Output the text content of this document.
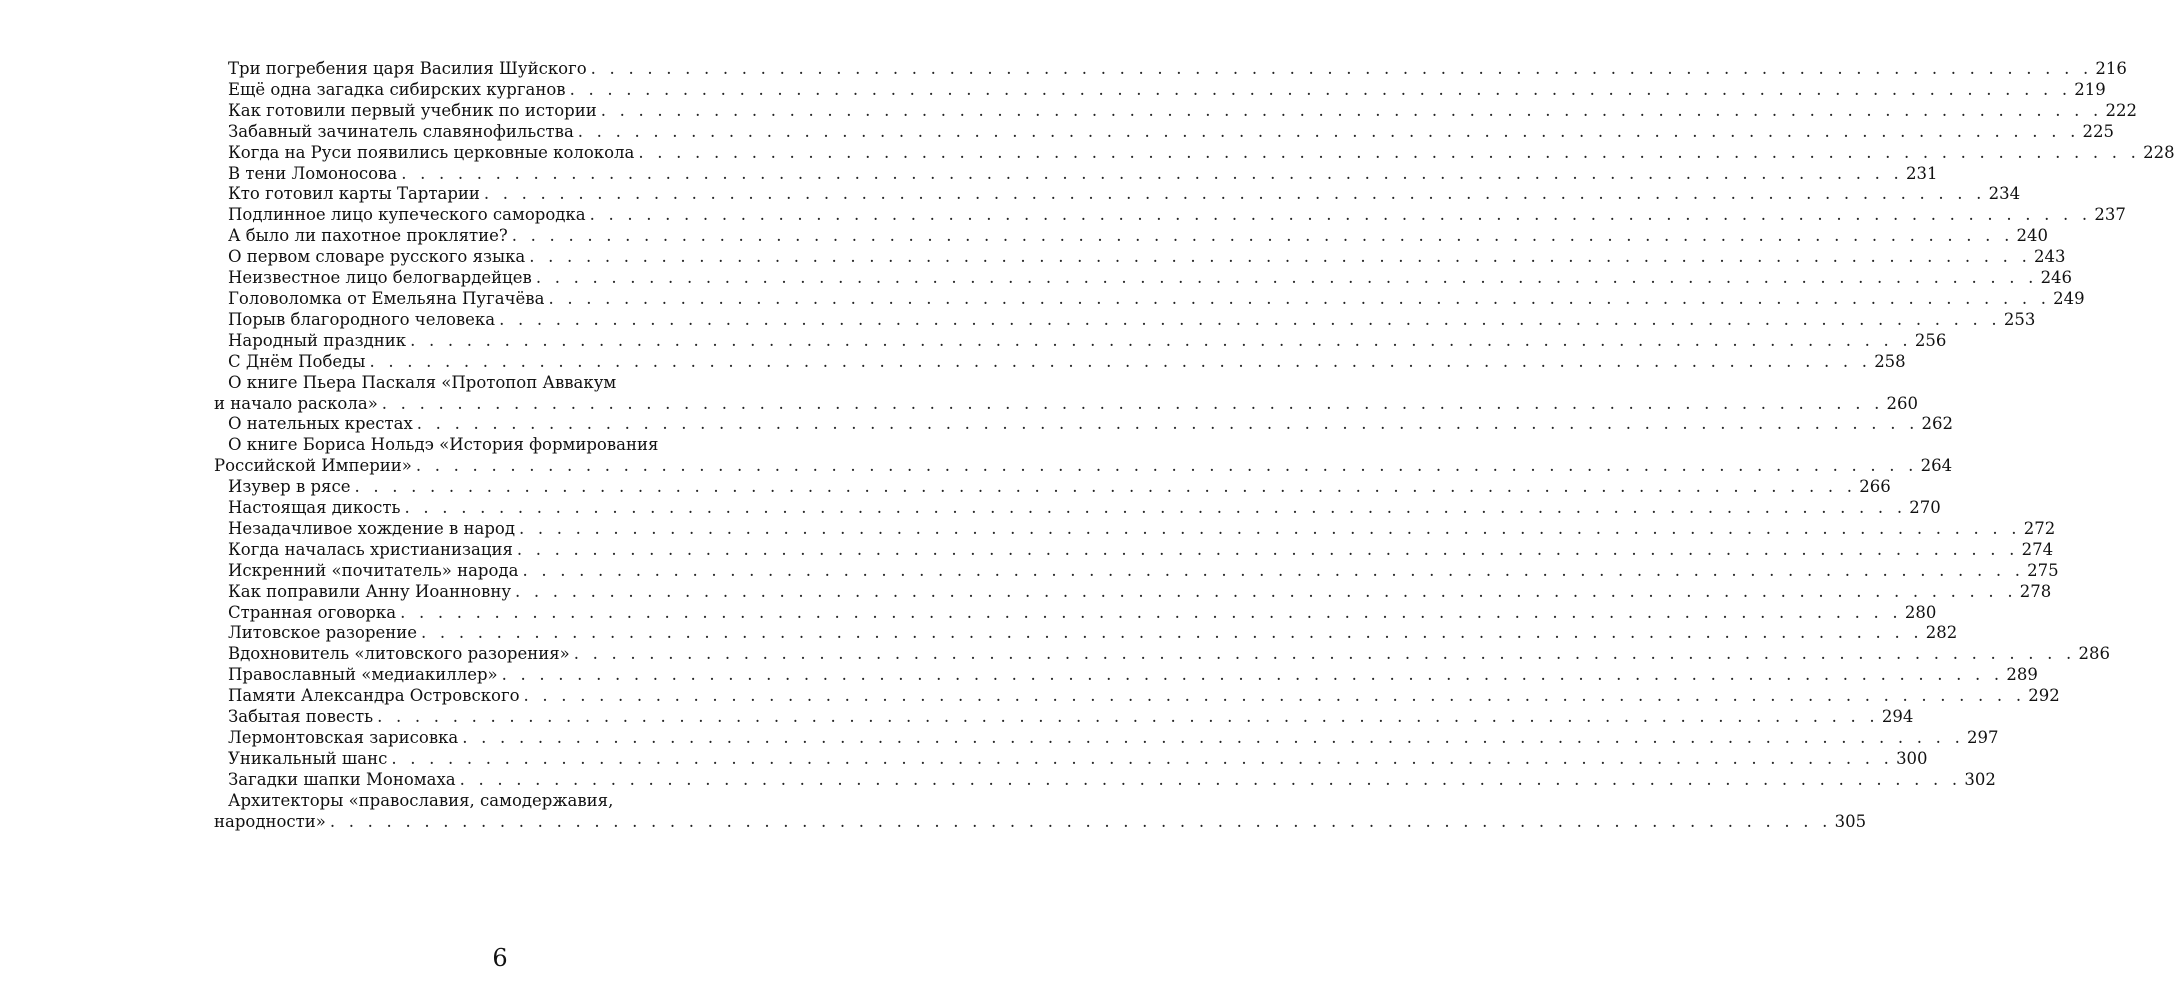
Три погребения царя Василия Шуйского . . . . . . . . . . . . . . . . . . . . . . . . . . . . . . . . . . . . . . . . . . . . . . . . . . . . . . . . . . . . . . . . . . . . . . . . . . . . . . . . 216
Ещё одна загадка сибирских курганов . . . . . . . . . . . . . . . . . . . . . . . . . . . . . . . . . . . . . . . . . . . . . . . . . . . . . . . . . . . . . . . . . . . . . . . . . . . . . . . . 219
Как готовили первый учебник по истории . . . . . . . . . . . . . . . . . . . . . . . . . . . . . . . . . . . . . . . . . . . . . . . . . . . . . . . . . . . . . . . . . . . . . . . . . . . . . . . . 222
Забавный зачинатель славянофильства . . . . . . . . . . . . . . . . . . . . . . . . . . . . . . . . . . . . . . . . . . . . . . . . . . . . . . . . . . . . . . . . . . . . . . . . . . . . . . . . 225
Когда на Руси появились церковные колокола . . . . . . . . . . . . . . . . . . . . . . . . . . . . . . . . . . . . . . . . . . . . . . . . . . . . . . . . . . . . . . . . . . . . . . . . . . . . . . . . 228
В тени Ломоносова . . . . . . . . . . . . . . . . . . . . . . . . . . . . . . . . . . . . . . . . . . . . . . . . . . . . . . . . . . . . . . . . . . . . . . . . . . . . . . . . 231
Кто готовил карты Тартарии . . . . . . . . . . . . . . . . . . . . . . . . . . . . . . . . . . . . . . . . . . . . . . . . . . . . . . . . . . . . . . . . . . . . . . . . . . . . . . . . 234
Подлинное лицо купеческого самородка . . . . . . . . . . . . . . . . . . . . . . . . . . . . . . . . . . . . . . . . . . . . . . . . . . . . . . . . . . . . . . . . . . . . . . . . . . . . . . . . 237
А было ли пахотное проклятие? . . . . . . . . . . . . . . . . . . . . . . . . . . . . . . . . . . . . . . . . . . . . . . . . . . . . . . . . . . . . . . . . . . . . . . . . . . . . . . . . 240
О первом словаре русского языка . . . . . . . . . . . . . . . . . . . . . . . . . . . . . . . . . . . . . . . . . . . . . . . . . . . . . . . . . . . . . . . . . . . . . . . . . . . . . . . . 243
Неизвестное лицо белогвардейцев . . . . . . . . . . . . . . . . . . . . . . . . . . . . . . . . . . . . . . . . . . . . . . . . . . . . . . . . . . . . . . . . . . . . . . . . . . . . . . . . 246
Головоломка от Емельяна Пугачёва . . . . . . . . . . . . . . . . . . . . . . . . . . . . . . . . . . . . . . . . . . . . . . . . . . . . . . . . . . . . . . . . . . . . . . . . . . . . . . . . 249
Порыв благородного человека . . . . . . . . . . . . . . . . . . . . . . . . . . . . . . . . . . . . . . . . . . . . . . . . . . . . . . . . . . . . . . . . . . . . . . . . . . . . . . . . 253
Народный праздник . . . . . . . . . . . . . . . . . . . . . . . . . . . . . . . . . . . . . . . . . . . . . . . . . . . . . . . . . . . . . . . . . . . . . . . . . . . . . . . . 256
С Днём Победы . . . . . . . . . . . . . . . . . . . . . . . . . . . . . . . . . . . . . . . . . . . . . . . . . . . . . . . . . . . . . . . . . . . . . . . . . . . . . . . . 258
О книге Пьера Паскаля «Протопоп Аввакум
и начало раскола» . . . . . . . . . . . . . . . . . . . . . . . . . . . . . . . . . . . . . . . . . . . . . . . . . . . . . . . . . . . . . . . . . . . . . . . . . . . . . . . . 260
О нательных крестах . . . . . . . . . . . . . . . . . . . . . . . . . . . . . . . . . . . . . . . . . . . . . . . . . . . . . . . . . . . . . . . . . . . . . . . . . . . . . . . . 262
О книге Бориса Нольдэ «История формирования
Российской Империи» . . . . . . . . . . . . . . . . . . . . . . . . . . . . . . . . . . . . . . . . . . . . . . . . . . . . . . . . . . . . . . . . . . . . . . . . . . . . . . . . 264
Изувер в рясе . . . . . . . . . . . . . . . . . . . . . . . . . . . . . . . . . . . . . . . . . . . . . . . . . . . . . . . . . . . . . . . . . . . . . . . . . . . . . . . . 266
Настоящая дикость . . . . . . . . . . . . . . . . . . . . . . . . . . . . . . . . . . . . . . . . . . . . . . . . . . . . . . . . . . . . . . . . . . . . . . . . . . . . . . . . 270
Незадачливое хождение в народ . . . . . . . . . . . . . . . . . . . . . . . . . . . . . . . . . . . . . . . . . . . . . . . . . . . . . . . . . . . . . . . . . . . . . . . . . . . . . . . . 272
Когда началась христианизация . . . . . . . . . . . . . . . . . . . . . . . . . . . . . . . . . . . . . . . . . . . . . . . . . . . . . . . . . . . . . . . . . . . . . . . . . . . . . . . . 274
Искренний «почитатель» народа . . . . . . . . . . . . . . . . . . . . . . . . . . . . . . . . . . . . . . . . . . . . . . . . . . . . . . . . . . . . . . . . . . . . . . . . . . . . . . . . 275
Как поправили Анну Иоанновну . . . . . . . . . . . . . . . . . . . . . . . . . . . . . . . . . . . . . . . . . . . . . . . . . . . . . . . . . . . . . . . . . . . . . . . . . . . . . . . . 278
Странная оговорка . . . . . . . . . . . . . . . . . . . . . . . . . . . . . . . . . . . . . . . . . . . . . . . . . . . . . . . . . . . . . . . . . . . . . . . . . . . . . . . . 280
Литовское разорение . . . . . . . . . . . . . . . . . . . . . . . . . . . . . . . . . . . . . . . . . . . . . . . . . . . . . . . . . . . . . . . . . . . . . . . . . . . . . . . . 282
Вдохновитель «литовского разорения» . . . . . . . . . . . . . . . . . . . . . . . . . . . . . . . . . . . . . . . . . . . . . . . . . . . . . . . . . . . . . . . . . . . . . . . . . . . . . . . . 286
Православный «медиакиллер» . . . . . . . . . . . . . . . . . . . . . . . . . . . . . . . . . . . . . . . . . . . . . . . . . . . . . . . . . . . . . . . . . . . . . . . . . . . . . . . . 289
Памяти Александра Островского . . . . . . . . . . . . . . . . . . . . . . . . . . . . . . . . . . . . . . . . . . . . . . . . . . . . . . . . . . . . . . . . . . . . . . . . . . . . . . . . 292
Забытая повесть . . . . . . . . . . . . . . . . . . . . . . . . . . . . . . . . . . . . . . . . . . . . . . . . . . . . . . . . . . . . . . . . . . . . . . . . . . . . . . . . 294
Лермонтовская зарисовка . . . . . . . . . . . . . . . . . . . . . . . . . . . . . . . . . . . . . . . . . . . . . . . . . . . . . . . . . . . . . . . . . . . . . . . . . . . . . . . . 297
Уникальный шанс . . . . . . . . . . . . . . . . . . . . . . . . . . . . . . . . . . . . . . . . . . . . . . . . . . . . . . . . . . . . . . . . . . . . . . . . . . . . . . . . 300
Загадки шапки Мономаха . . . . . . . . . . . . . . . . . . . . . . . . . . . . . . . . . . . . . . . . . . . . . . . . . . . . . . . . . . . . . . . . . . . . . . . . . . . . . . . . 302
Архитекторы «православия, самодержавия,
народности» . . . . . . . . . . . . . . . . . . . . . . . . . . . . . . . . . . . . . . . . . . . . . . . . . . . . . . . . . . . . . . . . . . . . . . . . . . . . . . . . 305
6
